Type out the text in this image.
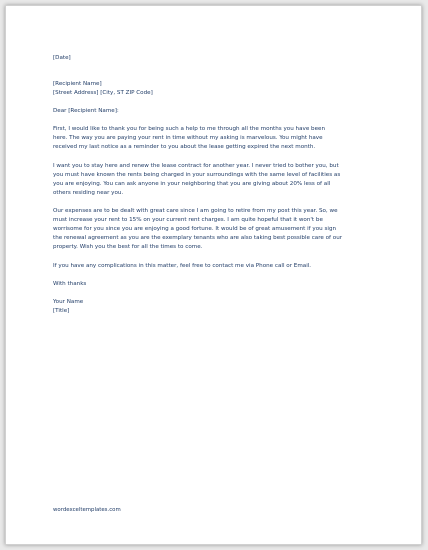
[Date]

[Recipient Name]

[Street Address] [City, ST ZIP Code]

Dear [Recipient Name]:

First, I would like to thank you for being such a help to me through all the months you have been

here. The way you are paying your rent in time without my asking is marvelous. You might have

received my last notice as a reminder to you about the lease getting expired the next month.

I want you to stay here and renew the lease contract for another year. I never tried to bother you, but

you must have known the rents being charged in your surroundings with the same level of facilities as

you are enjoying. You can ask anyone in your neighboring that you are giving about 20% less of all

others residing near you.

Our expenses are to be dealt with great care since I am going to retire from my post this year. So, we

must increase your rent to 15% on your current rent charges. I am quite hopeful that it won't be

worrisome for you since you are enjoying a good fortune. It would be of great amusement if you sign

the renewal agreement as you are the exemplary tenants who are also taking best possible care of our

property. Wish you the best for all the times to come.

If you have any complications in this matter, feel free to contact me via Phone call or Email.

With thanks

Your Name

[Title]

wordexceltemplates.com
